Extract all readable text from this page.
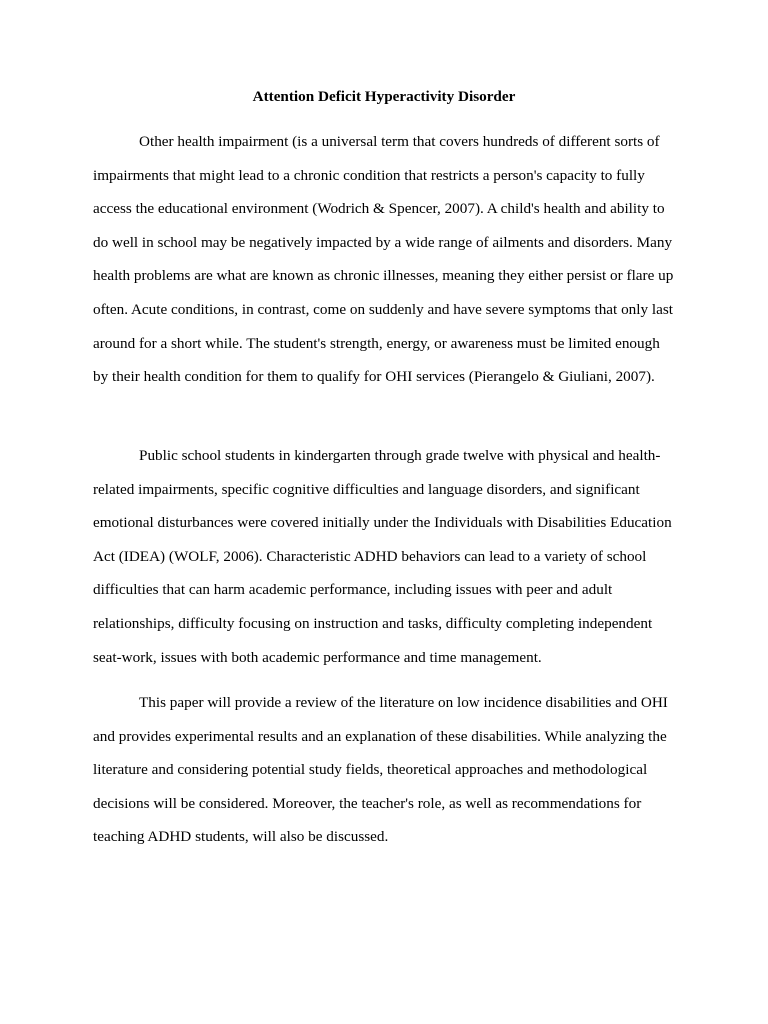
Attention Deficit Hyperactivity Disorder

Other health impairment (is a universal term that covers hundreds of different sorts of impairments that might lead to a chronic condition that restricts a person's capacity to fully access the educational environment (Wodrich & Spencer, 2007). A child's health and ability to do well in school may be negatively impacted by a wide range of ailments and disorders. Many health problems are what are known as chronic illnesses, meaning they either persist or flare up often. Acute conditions, in contrast, come on suddenly and have severe symptoms that only last around for a short while. The student's strength, energy, or awareness must be limited enough by their health condition for them to qualify for OHI services (Pierangelo & Giuliani, 2007).

Public school students in kindergarten through grade twelve with physical and health-related impairments, specific cognitive difficulties and language disorders, and significant emotional disturbances were covered initially under the Individuals with Disabilities Education Act (IDEA) (WOLF, 2006). Characteristic ADHD behaviors can lead to a variety of school difficulties that can harm academic performance, including issues with peer and adult relationships, difficulty focusing on instruction and tasks, difficulty completing independent seat-work, issues with both academic performance and time management.

This paper will provide a review of the literature on low incidence disabilities and OHI and provides experimental results and an explanation of these disabilities. While analyzing the literature and considering potential study fields, theoretical approaches and methodological decisions will be considered. Moreover, the teacher's role, as well as recommendations for teaching ADHD students, will also be discussed.
